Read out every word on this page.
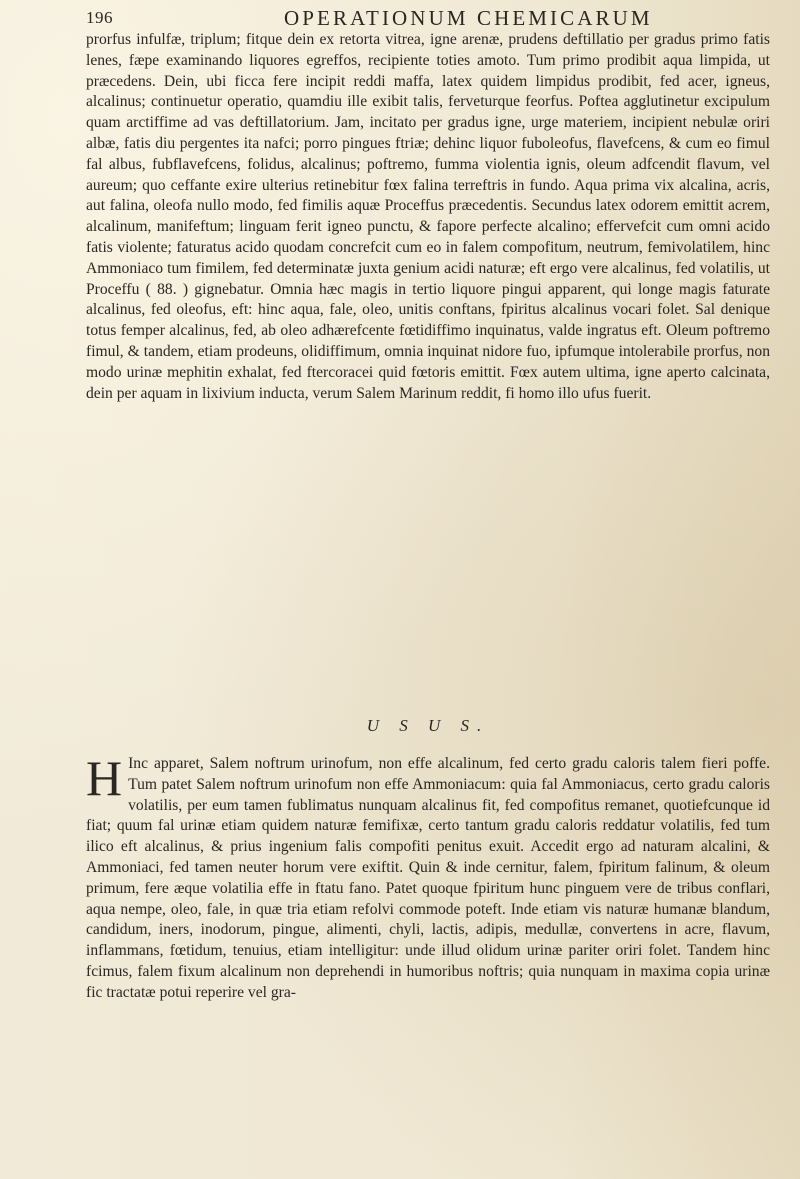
196	OPERATIONUM CHEMICARUM
prorfus infulfæ, triplum; fitque dein ex retorta vitrea, igne arenæ, prudens deftillatio per gradus primo fatis lenes, fæpe examinando liquores egreffos, recipiente toties amoto. Tum primo prodibit aqua limpida, ut præcedens. Dein, ubi ficca fere incipit reddi maffa, latex quidem limpidus prodibit, fed acer, igneus, alcalinus; continuetur operatio, quamdiu ille exibit talis, ferveturque feorfus. Poftea agglutinetur excipulum quam arctiffime ad vas deftillatorium. Jam, incitato per gradus igne, urge materiem, incipient nebulæ oriri albæ, fatis diu pergentes ita nafci; porro pingues ftriæ; dehinc liquor fuboleofus, flavefcens, & cum eo fimul fal albus, fubflavefcens, folidus, alcalinus; poftremo, fumma violentia ignis, oleum adfcendit flavum, vel aureum; quo ceffante exire ulterius retinebitur fœx falina terreftris in fundo. Aqua prima vix alcalina, acris, aut falina, oleofa nullo modo, fed fimilis aquæ Proceffus præcedentis. Secundus latex odorem emittit acrem, alcalinum, manifeftum; linguam ferit igneo punctu, & fapore perfecte alcalino; effervefcit cum omni acido fatis violente; faturatus acido quodam concrefcit cum eo in falem compofitum, neutrum, femivolatilem, hinc Ammoniaco tum fimilem, fed determinatæ juxta genium acidi naturæ; eft ergo vere alcalinus, fed volatilis, ut Proceffu ( 88. ) gignebatur. Omnia hæc magis in tertio liquore pingui apparent, qui longe magis faturate alcalinus, fed oleofus, eft: hinc aqua, fale, oleo, unitis conftans, fpiritus alcalinus vocari folet. Sal denique totus femper alcalinus, fed, ab oleo adhærefcente fœtidiffimo inquinatus, valde ingratus eft. Oleum poftremo fimul, & tandem, etiam prodeuns, olidiffimum, omnia inquinat nidore fuo, ipfumque intolerabile prorfus, non modo urinæ mephitin exhalat, fed ftercoracei quid fœtoris emittit. Fœx autem ultima, igne aperto calcinata, dein per aquam in lixivium inducta, verum Salem Marinum reddit, fi homo illo ufus fuerit.
U S U S.
H Inc apparet, Salem noftrum urinofum, non effe alcalinum, fed certo gradu caloris talem fieri poffe. Tum patet Salem noftrum urinofum non effe Ammoniacum: quia fal Ammoniacus, certo gradu caloris volatilis, per eum tamen fublimatus nunquam alcalinus fit, fed compofitus remanet, quotiefcunque id fiat; quum fal urinæ etiam quidem naturæ femifixæ, certo tantum gradu caloris reddatur volatilis, fed tum ilico eft alcalinus, & prius ingenium falis compofiti penitus exuit. Accedit ergo ad naturam alcalini, & Ammoniaci, fed tamen neuter horum vere exiftit. Quin & inde cernitur, falem, fpiritum falinum, & oleum primum, fere æque volatilia effe in ftatu fano. Patet quoque fpiritum hunc pinguem vere de tribus conflari, aqua nempe, oleo, fale, in quæ tria etiam refolvi commode poteft. Inde etiam vis naturæ humanæ blandum, candidum, iners, inodorum, pingue, alimenti, chyli, lactis, adipis, medullæ, convertens in acre, flavum, inflammans, fœtidum, tenuius, etiam intelligitur: unde illud olidum urinæ pariter oriri folet. Tandem hinc fcimus, falem fixum alcalinum non deprehendi in humoribus noftris; quia nunquam in maxima copia urinæ fic tractatæ potui reperire vel gra-
